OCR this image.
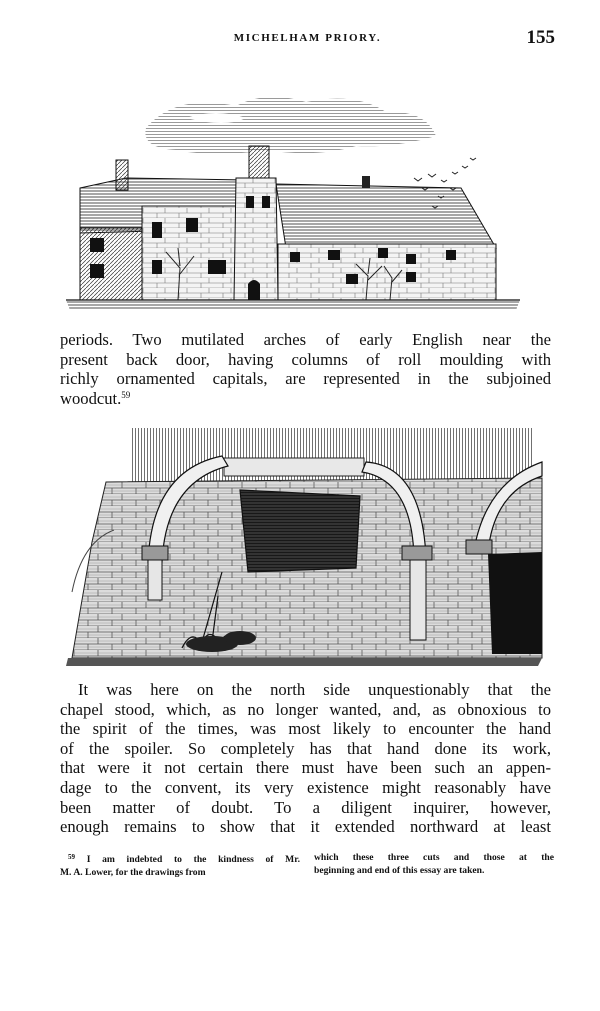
MICHELHAM PRIORY.	155
periods. Two mutilated arches of early English near the
present back door, having columns of roll moulding with
richly ornamented capitals, are represented in the subjoined
woodcut.$^{59}$
It was here on the north side unquestionably that the
chapel stood, which, as no longer wanted, and, as obnoxious to
the spirit of the times, was most likely to encounter the hand
of the spoiler. So completely has that hand done its work,
that were it not certain there must have been such an appen-
dage to the convent, its very existence might reasonably have
been matter of doubt. To a diligent inquirer, however,
enough remains to show that it extended northward at least
$^{59}$ I am indebted to the kindness of Mr.
M. A. Lower, for the drawings from
which these three cuts and those at the
beginning and end of this essay are taken.
